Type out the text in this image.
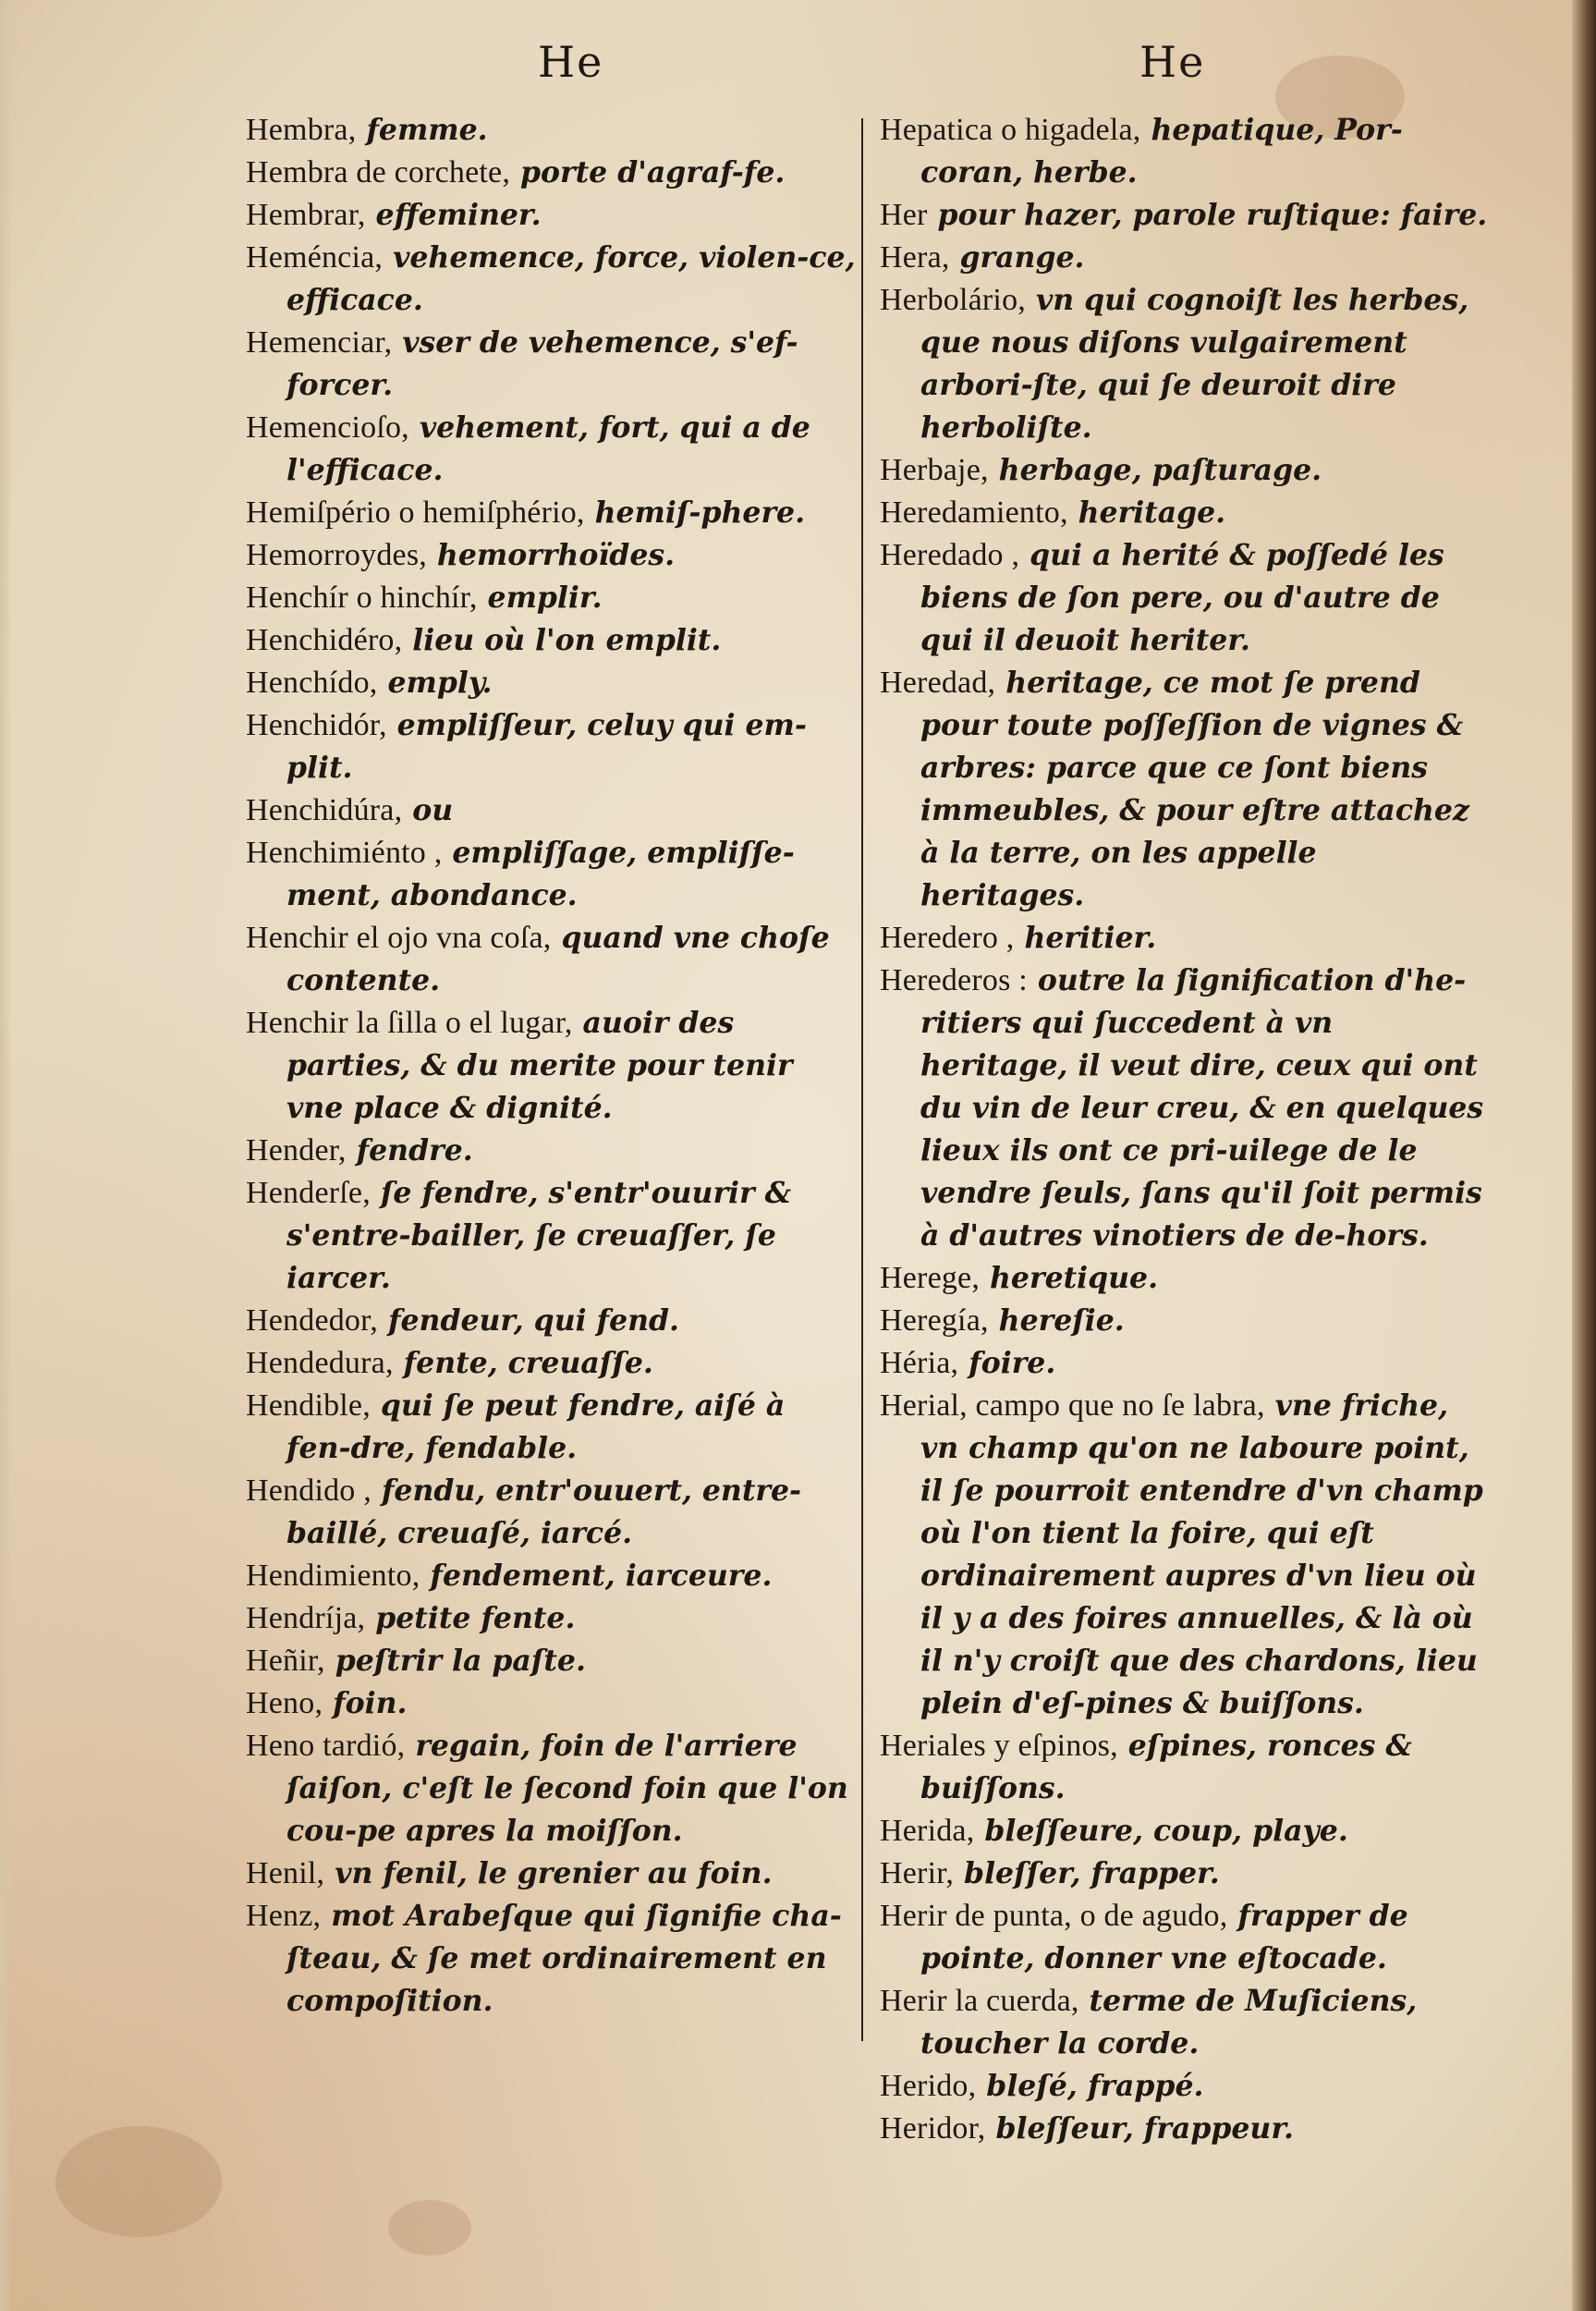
He	He

Hembra, femme.

Hembra de corchete, porte d'agraf-fe.

Hembrar, effeminer.

Heméncia, vehemence, force, violen-ce, efficace.

Hemenciar, vser de vehemence, s'ef-forcer.

Hemencioſo, vehement, fort, qui a de l'efficace.

Hemiſpério o hemiſphério, hemiſ-phere.

Hemorroydes, hemorrhoïdes.

Henchír o hinchír, emplir.

Henchidéro, lieu où l'on emplit.

Henchído, emply.

Henchidór, empliſſeur, celuy qui em-plit.

Henchidúra, ou

Henchimiénto , empliſſage, empliſſe-ment, abondance.

Henchir el ojo vna coſa, quand vne choſe contente.

Henchir la ſilla o el lugar, auoir des parties, & du merite pour tenir vne place & dignité.

Hender, fendre.

Henderſe, ſe fendre, s'entr'ouurir & s'entre-bailler, ſe creuaſſer, ſe iarcer.

Hendedor, fendeur, qui fend.

Hendedura, fente, creuaſſe.

Hendible, qui ſe peut fendre, aiſé à fen-dre, fendable.

Hendido , fendu, entr'ouuert, entre-baillé, creuaſé, iarcé.

Hendimiento, fendement, iarceure.

Hendríja, petite fente.

Heñir, peſtrir la paſte.

Heno, foin.

Heno tardió, regain, foin de l'arriere ſaiſon, c'eſt le ſecond foin que l'on cou-pe apres la moiſſon.

Henil, vn fenil, le grenier au foin.

Henz, mot Arabeſque qui ſignifie cha-ſteau, & ſe met ordinairement en compoſition.

Hepatica o higadela, hepatique, Por-coran, herbe.

Her pour hazer, parole ruſtique: faire.

Hera, grange.

Herbolário, vn qui cognoiſt les herbes, que nous diſons vulgairement arbori-ſte, qui ſe deuroit dire herboliſte.

Herbaje, herbage, paſturage.

Heredamiento, heritage.

Heredado , qui a herité & poſſedé les biens de ſon pere, ou d'autre de qui il deuoit heriter.

Heredad, heritage, ce mot ſe prend pour toute poſſeſſion de vignes & arbres: parce que ce ſont biens immeubles, & pour eſtre attachez à la terre, on les appelle heritages.

Heredero , heritier.

Herederos : outre la ſignification d'he-ritiers qui ſuccedent à vn heritage, il veut dire, ceux qui ont du vin de leur creu, & en quelques lieux ils ont ce pri-uilege de le vendre ſeuls, ſans qu'il ſoit permis à d'autres vinotiers de de-hors.

Herege, heretique.

Heregía, hereſie.

Héria, foire.

Herial, campo que no ſe labra, vne friche, vn champ qu'on ne laboure point, il ſe pourroit entendre d'vn champ où l'on tient la foire, qui eſt ordinairement aupres d'vn lieu où il y a des foires annuelles, & là où il n'y croiſt que des chardons, lieu plein d'eſ-pines & buiſſons.

Heriales y eſpinos, eſpines, ronces & buiſſons.

Herida, bleſſeure, coup, playe.

Herir, bleſſer, frapper.

Herir de punta, o de agudo, frapper de pointe, donner vne eſtocade.

Herir la cuerda, terme de Muſiciens, toucher la corde.

Herido, bleſé, frappé.

Heridor, bleſſeur, frappeur.
